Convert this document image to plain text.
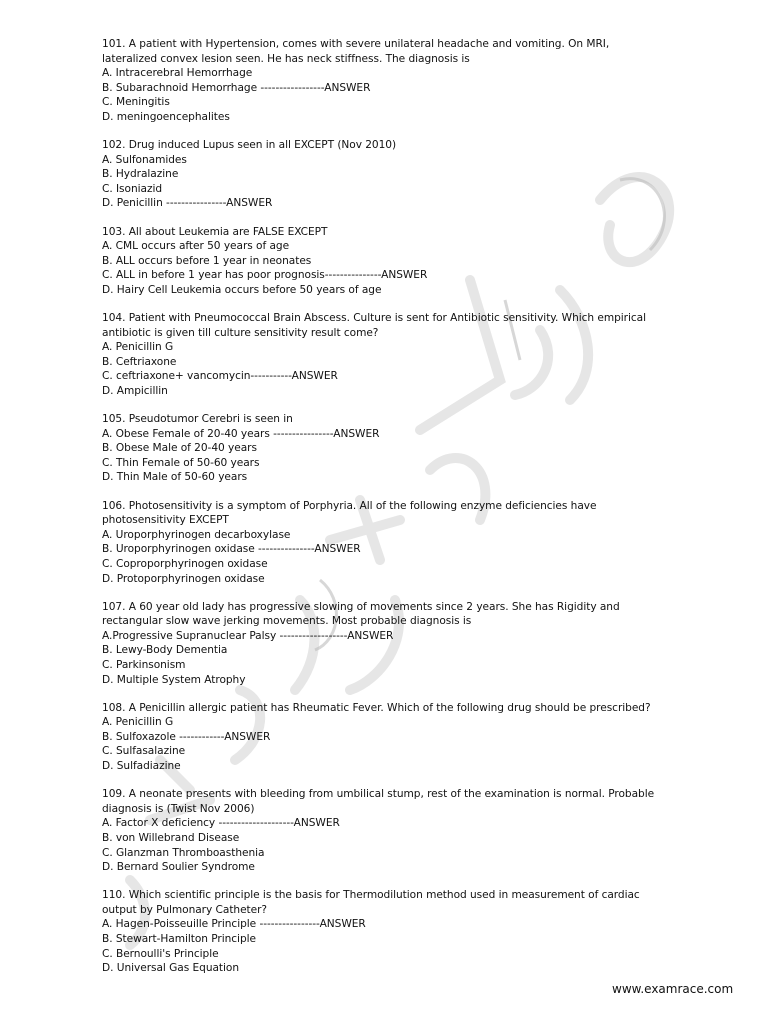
101. A patient with Hypertension, comes with severe unilateral headache and vomiting. On MRI,
lateralized convex lesion seen. He has neck stiffness. The diagnosis is
A. Intracerebral Hemorrhage
B. Subarachnoid Hemorrhage -----------------ANSWER
C. Meningitis
D. meningoencephalites
102. Drug induced Lupus seen in all EXCEPT (Nov 2010)
A. Sulfonamides
B. Hydralazine
C. Isoniazid
D. Penicillin ----------------ANSWER
103. All about Leukemia are FALSE EXCEPT
A. CML occurs after 50 years of age
B. ALL occurs before 1 year in neonates
C. ALL in before 1 year has poor prognosis---------------ANSWER
D. Hairy Cell Leukemia occurs before 50 years of age
104. Patient with Pneumococcal Brain Abscess. Culture is sent for Antibiotic sensitivity. Which empirical
antibiotic is given till culture sensitivity result come?
A. Penicillin G
B. Ceftriaxone
C. ceftriaxone+ vancomycin-----------ANSWER
D. Ampicillin
105. Pseudotumor Cerebri is seen in
A. Obese Female of 20-40 years ----------------ANSWER
B. Obese Male of 20-40 years
C. Thin Female of 50-60 years
D. Thin Male of 50-60 years
106. Photosensitivity is a symptom of Porphyria. All of the following enzyme deficiencies have
photosensitivity EXCEPT
A. Uroporphyrinogen decarboxylase
B. Uroporphyrinogen oxidase ---------------ANSWER
C. Coproporphyrinogen oxidase
D. Protoporphyrinogen oxidase
107. A 60 year old lady has progressive slowing of movements since 2 years. She has Rigidity and
rectangular slow wave jerking movements. Most probable diagnosis is
A.Progressive Supranuclear Palsy ------------------ANSWER
B. Lewy-Body Dementia
C. Parkinsonism
D. Multiple System Atrophy
108. A Penicillin allergic patient has Rheumatic Fever. Which of the following drug should be prescribed?
A. Penicillin G
B. Sulfoxazole ------------ANSWER
C. Sulfasalazine
D. Sulfadiazine
109. A neonate presents with bleeding from umbilical stump, rest of the examination is normal. Probable
diagnosis is (Twist Nov 2006)
A. Factor X deficiency --------------------ANSWER
B. von Willebrand Disease
C. Glanzman Thromboasthenia
D. Bernard Soulier Syndrome
110. Which scientific principle is the basis for Thermodilution method used in measurement of cardiac
output by Pulmonary Catheter?
A. Hagen-Poisseuille Principle ----------------ANSWER
B. Stewart-Hamilton Principle
C. Bernoulli's Principle
D. Universal Gas Equation
www.examrace.com
